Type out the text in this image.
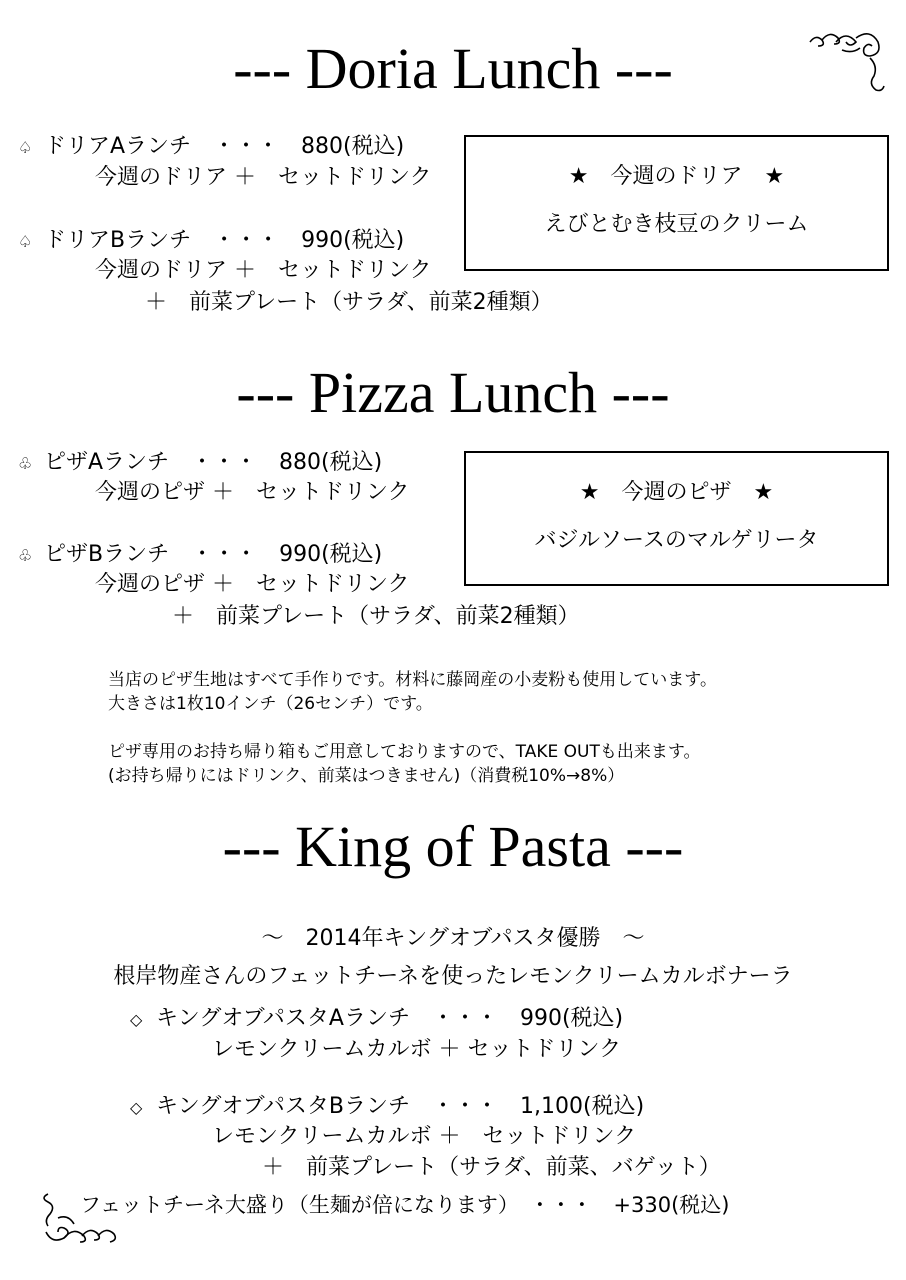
--- Doria Lunch ---
♤ ドリアAランチ　・・・　880(税込)
今週のドリア ＋　セットドリンク
♤ ドリアBランチ　・・・　990(税込)
今週のドリア ＋　セットドリンク
＋　前菜プレート（サラダ、前菜2種類）
★　今週のドリア　★
えびとむき枝豆のクリーム
--- Pizza Lunch ---
♧ ピザAランチ　・・・　880(税込)
今週のピザ ＋　セットドリンク
♧ ピザBランチ　・・・　990(税込)
今週のピザ ＋　セットドリンク
＋　前菜プレート（サラダ、前菜2種類）
★　今週のピザ　★
バジルソースのマルゲリータ
当店のピザ生地はすべて手作りです。材料に藤岡産の小麦粉も使用しています。
大きさは1枚10インチ（26センチ）です。
ピザ専用のお持ち帰り箱もご用意しておりますので、TAKE OUTも出来ます。
(お持ち帰りにはドリンク、前菜はつきません)（消費税10%→8%）
--- King of Pasta ---
～　2014年キングオブパスタ優勝　～
根岸物産さんのフェットチーネを使ったレモンクリームカルボナーラ
◇ キングオブパスタAランチ　・・・　990(税込)
レモンクリームカルボ ＋ セットドリンク
◇ キングオブパスタBランチ　・・・　1,100(税込)
レモンクリームカルボ ＋　セットドリンク
＋　前菜プレート（サラダ、前菜、バゲット）
フェットチーネ大盛り（生麺が倍になります）　・・・　+330(税込)
